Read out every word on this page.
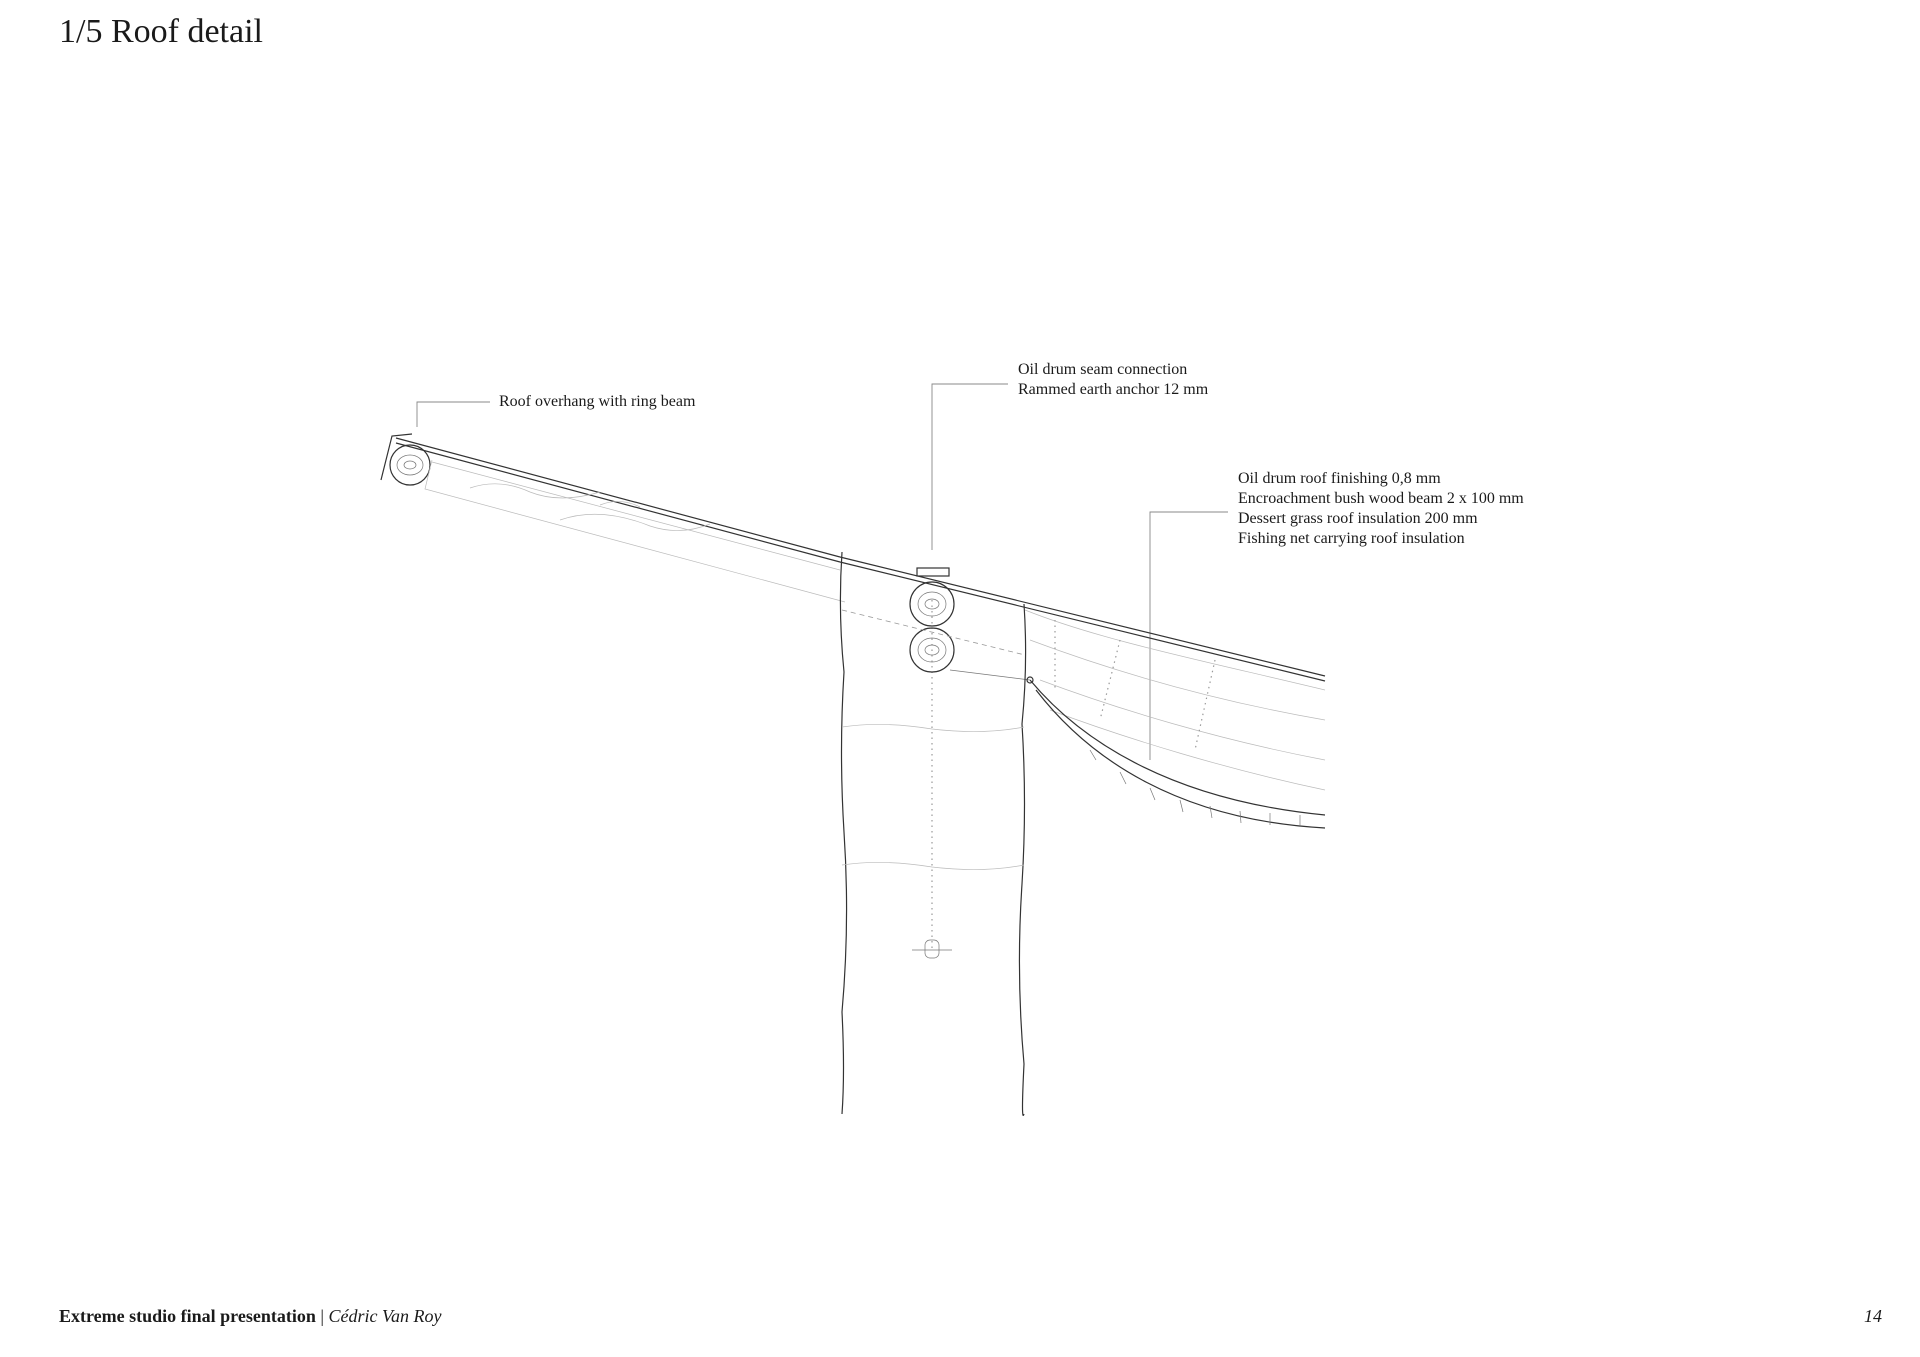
1/5 Roof detail
Roof overhang with ring beam
Oil drum seam connection
Rammed earth anchor 12 mm
Oil drum roof finishing 0,8 mm
Encroachment bush wood beam 2 x 100 mm
Dessert grass roof insulation 200 mm
Fishing net carrying roof insulation
Extreme studio final presentation | Cédric Van Roy	14
